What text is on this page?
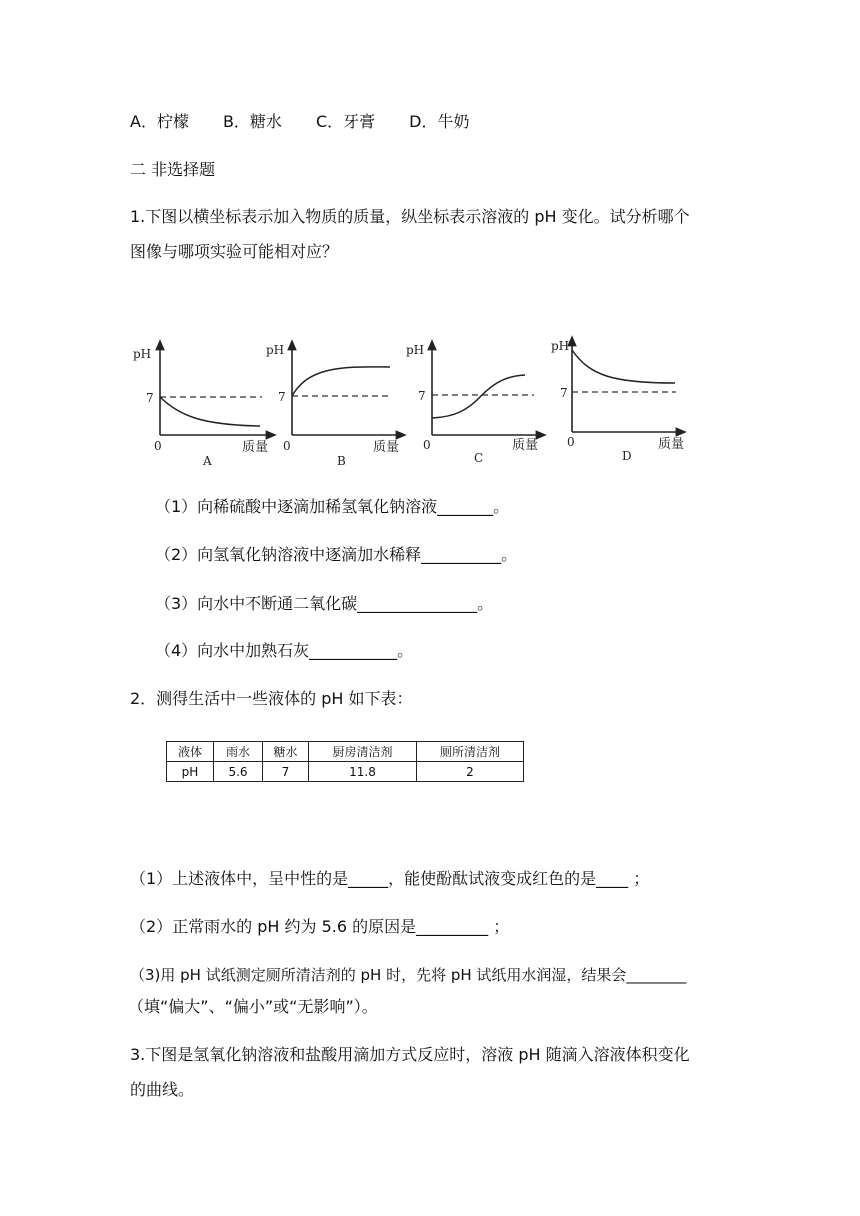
A．柠檬 B．糖水 C．牙膏 D．牛奶
二 非选择题
1.下图以横坐标表示加入物质的质量，纵坐标表示溶液的 pH 变化。试分析哪个
图像与哪项实验可能相对应？
pH
7
0	质量
A
pH
7
0	质量
B
pH
7
0	质量
C
pH
7
0	质量
D
（1）向稀硫酸中逐滴加稀氢氧化钠溶液_______。
（2）向氢氧化钠溶液中逐滴加水稀释__________。
（3）向水中不断通二氧化碳_______________。
（4）向水中加熟石灰___________。
2．测得生活中一些液体的 pH 如下表：
液体	雨水	糖水	厨房清洁剂	厕所清洁剂
pH	5.6	7	11.8	2
（1）上述液体中，呈中性的是_____，能使酚酞试液变成红色的是____ ；
（2）正常雨水的 pH 约为 5.6 的原因是_________ ；
（3)用 pH 试纸测定厕所清洁剂的 pH 时，先将 pH 试纸用水润湿，结果会________
（填“偏大”、“偏小”或“无影响”）。
3.下图是氢氧化钠溶液和盐酸用滴加方式反应时，溶液 pH 随滴入溶液体积变化
的曲线。
